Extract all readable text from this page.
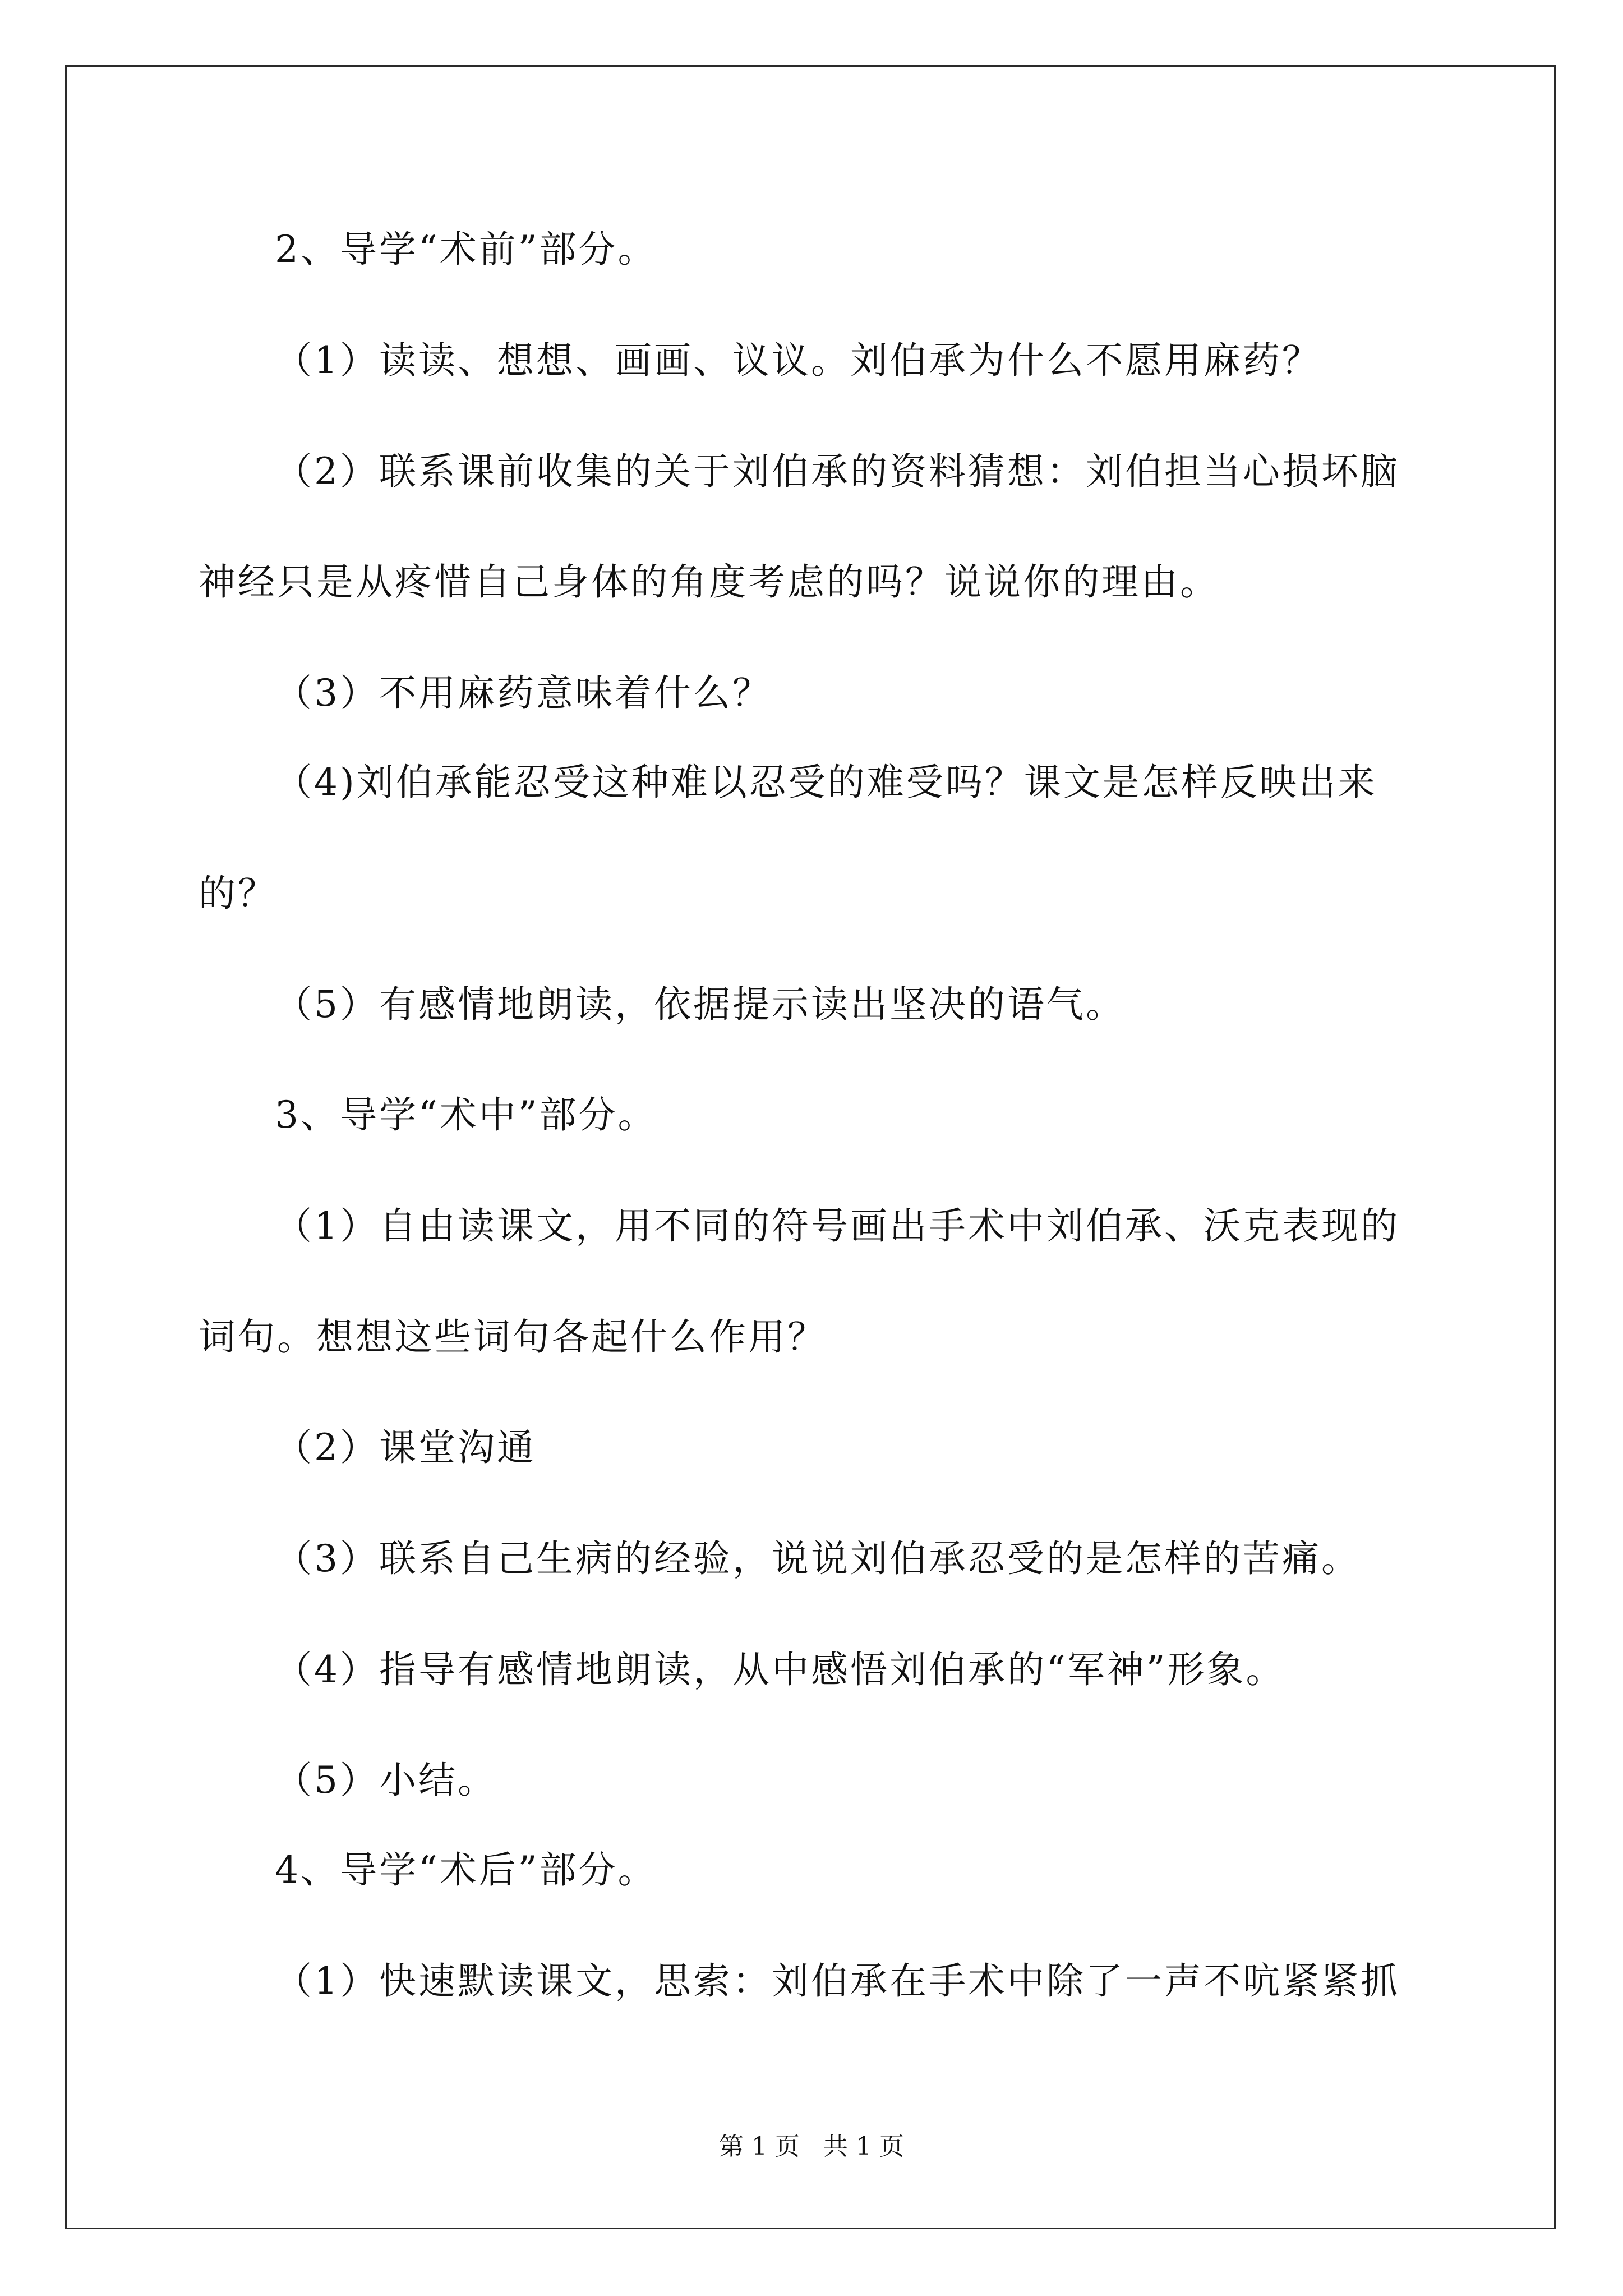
2、导学“术前”部分。
（1）读读、想想、画画、议议。刘伯承为什么不愿用麻药？
（2）联系课前收集的关于刘伯承的资料猜想：刘伯担当心损坏脑
神经只是从疼惜自己身体的角度考虑的吗？说说你的理由。
（3）不用麻药意味着什么？
（4)刘伯承能忍受这种难以忍受的难受吗？课文是怎样反映出来
的？
（5）有感情地朗读，依据提示读出坚决的语气。
3、导学“术中”部分。
（1）自由读课文，用不同的符号画出手术中刘伯承、沃克表现的
词句。想想这些词句各起什么作用？
（2）课堂沟通
（3）联系自己生病的经验，说说刘伯承忍受的是怎样的苦痛。
（4）指导有感情地朗读，从中感悟刘伯承的“军神”形象。
（5）小结。
4、导学“术后”部分。
（1）快速默读课文，思索：刘伯承在手术中除了一声不吭紧紧抓
第 1 页   共 1 页
